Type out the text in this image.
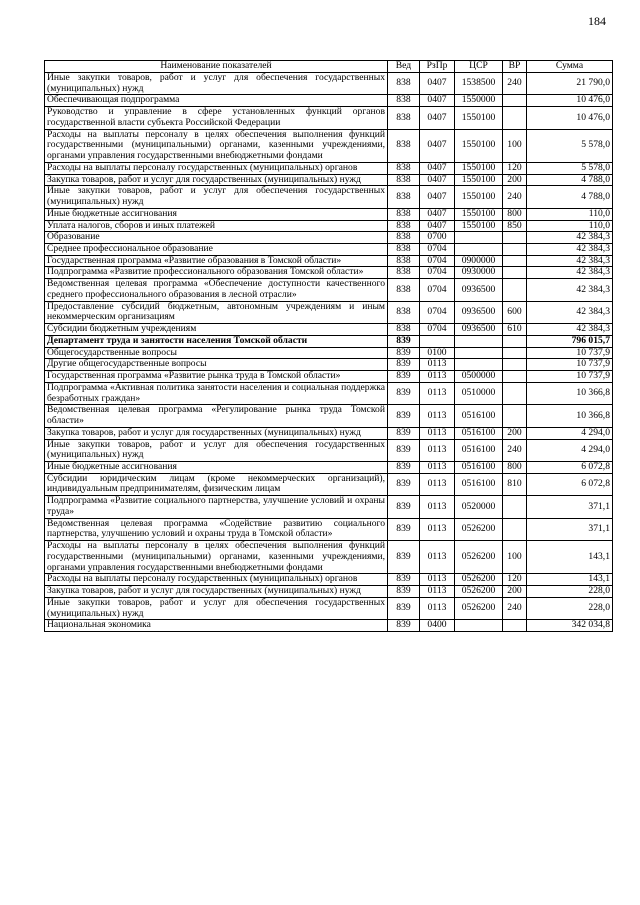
184
Наименование показателей	Вед	РзПр	ЦСР	ВР	Сумма
Иные закупки товаров, работ и услуг для обеспечения государственных (муниципальных) нужд	838	0407	1538500	240	21 790,0
Обеспечивающая подпрограмма	838	0407	1550000		10 476,0
Руководство и управление в сфере установленных функций органов государственной власти субъекта Российской Федерации	838	0407	1550100		10 476,0
Расходы на выплаты персоналу в целях обеспечения выполнения функций государственными (муниципальными) органами, казенными учреждениями, органами управления государственными внебюджетными фондами	838	0407	1550100	100	5 578,0
Расходы на выплаты персоналу государственных (муниципальных) органов	838	0407	1550100	120	5 578,0
Закупка товаров, работ и услуг для государственных (муниципальных) нужд	838	0407	1550100	200	4 788,0
Иные закупки товаров, работ и услуг для обеспечения государственных (муниципальных) нужд	838	0407	1550100	240	4 788,0
Иные бюджетные ассигнования	838	0407	1550100	800	110,0
Уплата налогов, сборов и иных платежей	838	0407	1550100	850	110,0
Образование	838	0700			42 384,3
Среднее профессиональное образование	838	0704			42 384,3
Государственная программа «Развитие образования в Томской области»	838	0704	0900000		42 384,3
Подпрограмма «Развитие профессионального образования Томской области»	838	0704	0930000		42 384,3
Ведомственная целевая программа «Обеспечение доступности качественного среднего профессионального образования в лесной отрасли»	838	0704	0936500		42 384,3
Предоставление субсидий бюджетным, автономным учреждениям и иным некоммерческим организациям	838	0704	0936500	600	42 384,3
Субсидии бюджетным учреждениям	838	0704	0936500	610	42 384,3
Департамент труда и занятости населения Томской области	839				796 015,7
Общегосударственные вопросы	839	0100			10 737,9
Другие общегосударственные вопросы	839	0113			10 737,9
Государственная программа «Развитие рынка труда в Томской области»	839	0113	0500000		10 737,9
Подпрограмма «Активная политика занятости населения и социальная поддержка безработных граждан»	839	0113	0510000		10 366,8
Ведомственная целевая программа «Регулирование рынка труда Томской области»	839	0113	0516100		10 366,8
Закупка товаров, работ и услуг для государственных (муниципальных) нужд	839	0113	0516100	200	4 294,0
Иные закупки товаров, работ и услуг для обеспечения государственных (муниципальных) нужд	839	0113	0516100	240	4 294,0
Иные бюджетные ассигнования	839	0113	0516100	800	6 072,8
Субсидии юридическим лицам (кроме некоммерческих организаций), индивидуальным предпринимателям, физическим лицам	839	0113	0516100	810	6 072,8
Подпрограмма «Развитие социального партнерства, улучшение условий и охраны труда»	839	0113	0520000		371,1
Ведомственная целевая программа «Содействие развитию социального партнерства, улучшению условий и охраны труда в Томской области»	839	0113	0526200		371,1
Расходы на выплаты персоналу в целях обеспечения выполнения функций государственными (муниципальными) органами, казенными учреждениями, органами управления государственными внебюджетными фондами	839	0113	0526200	100	143,1
Расходы на выплаты персоналу государственных (муниципальных) органов	839	0113	0526200	120	143,1
Закупка товаров, работ и услуг для государственных (муниципальных) нужд	839	0113	0526200	200	228,0
Иные закупки товаров, работ и услуг для обеспечения государственных (муниципальных) нужд	839	0113	0526200	240	228,0
Национальная экономика	839	0400			342 034,8
